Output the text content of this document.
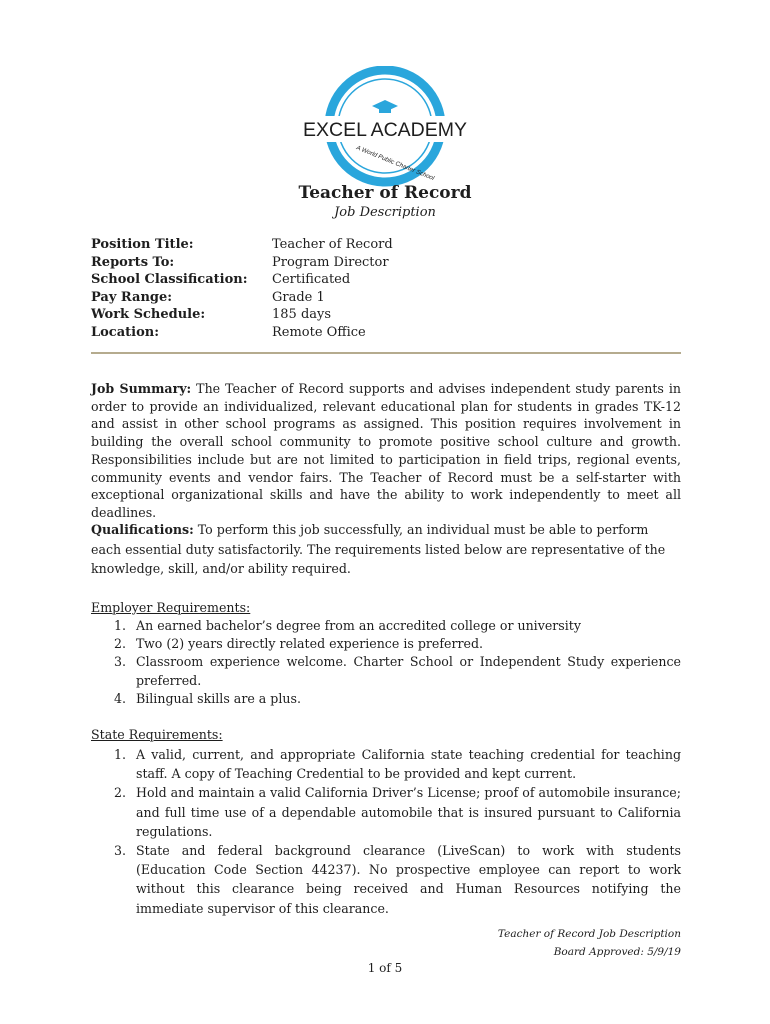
★
★ ★ ★
★
EXCEL ACADEMY
A World Public Charter School
Teacher of Record
Job Description
Position Title:	Teacher of Record
Reports To:	Program Director
School Classification:	Certificated
Pay Range:	Grade 1
Work Schedule:	185 days
Location:	Remote Office

Job Summary: The Teacher of Record supports and advises independent study parents in order to provide an individualized, relevant educational plan for students in grades TK-12 and assist in other school programs as assigned. This position requires involvement in building the overall school community to promote positive school culture and growth. Responsibilities include but are not limited to participation in field trips, regional events, community events and vendor fairs. The Teacher of Record must be a self-starter with exceptional organizational skills and have the ability to work independently to meet all deadlines.

Qualifications: To perform this job successfully, an individual must be able to perform each essential duty satisfactorily. The requirements listed below are representative of the knowledge, skill, and/or ability required.

Employer Requirements:
1. An earned bachelor’s degree from an accredited college or university
2. Two (2) years directly related experience is preferred.
3. Classroom experience welcome. Charter School or Independent Study experience preferred.
4. Bilingual skills are a plus.
State Requirements:
1. A valid, current, and appropriate California state teaching credential for teaching staff. A copy of Teaching Credential to be provided and kept current.
2. Hold and maintain a valid California Driver’s License; proof of automobile insurance; and full time use of a dependable automobile that is insured pursuant to California regulations.
3. State and federal background clearance (LiveScan) to work with students (Education Code Section 44237). No prospective employee can report to work without this clearance being received and Human Resources notifying the immediate supervisor of this clearance.
Teacher of Record Job Description
Board Approved: 5/9/19
1 of 5
